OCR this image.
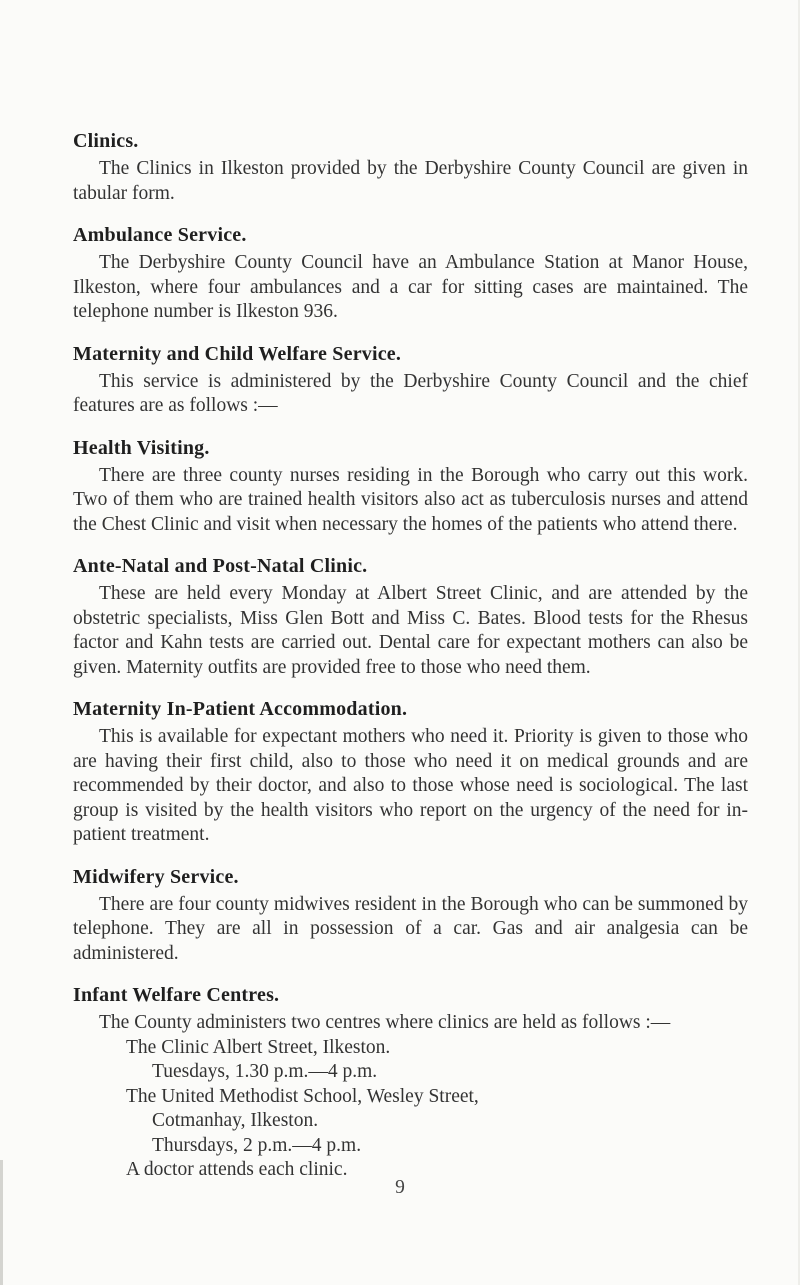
Clinics.

The Clinics in Ilkeston provided by the Derbyshire County Council are given in tabular form.

Ambulance Service.

The Derbyshire County Council have an Ambulance Station at Manor House, Ilkeston, where four ambulances and a car for sitting cases are maintained. The telephone number is Ilkeston 936.

Maternity and Child Welfare Service.

This service is administered by the Derbyshire County Council and the chief features are as follows :—

Health Visiting.

There are three county nurses residing in the Borough who carry out this work. Two of them who are trained health visitors also act as tuberculosis nurses and attend the Chest Clinic and visit when necessary the homes of the patients who attend there.

Ante-Natal and Post-Natal Clinic.

These are held every Monday at Albert Street Clinic, and are attended by the obstetric specialists, Miss Glen Bott and Miss C. Bates. Blood tests for the Rhesus factor and Kahn tests are carried out. Dental care for expectant mothers can also be given. Maternity outfits are provided free to those who need them.

Maternity In-Patient Accommodation.

This is available for expectant mothers who need it. Priority is given to those who are having their first child, also to those who need it on medical grounds and are recommended by their doctor, and also to those whose need is sociological. The last group is visited by the health visitors who report on the urgency of the need for in-patient treatment.

Midwifery Service.

There are four county midwives resident in the Borough who can be summoned by telephone. They are all in possession of a car. Gas and air analgesia can be administered.

Infant Welfare Centres.

The County administers two centres where clinics are held as follows :—

The Clinic Albert Street, Ilkeston.
Tuesdays, 1.30 p.m.—4 p.m.
The United Methodist School, Wesley Street,
Cotmanhay, Ilkeston.
Thursdays, 2 p.m.—4 p.m.

A doctor attends each clinic.

9
